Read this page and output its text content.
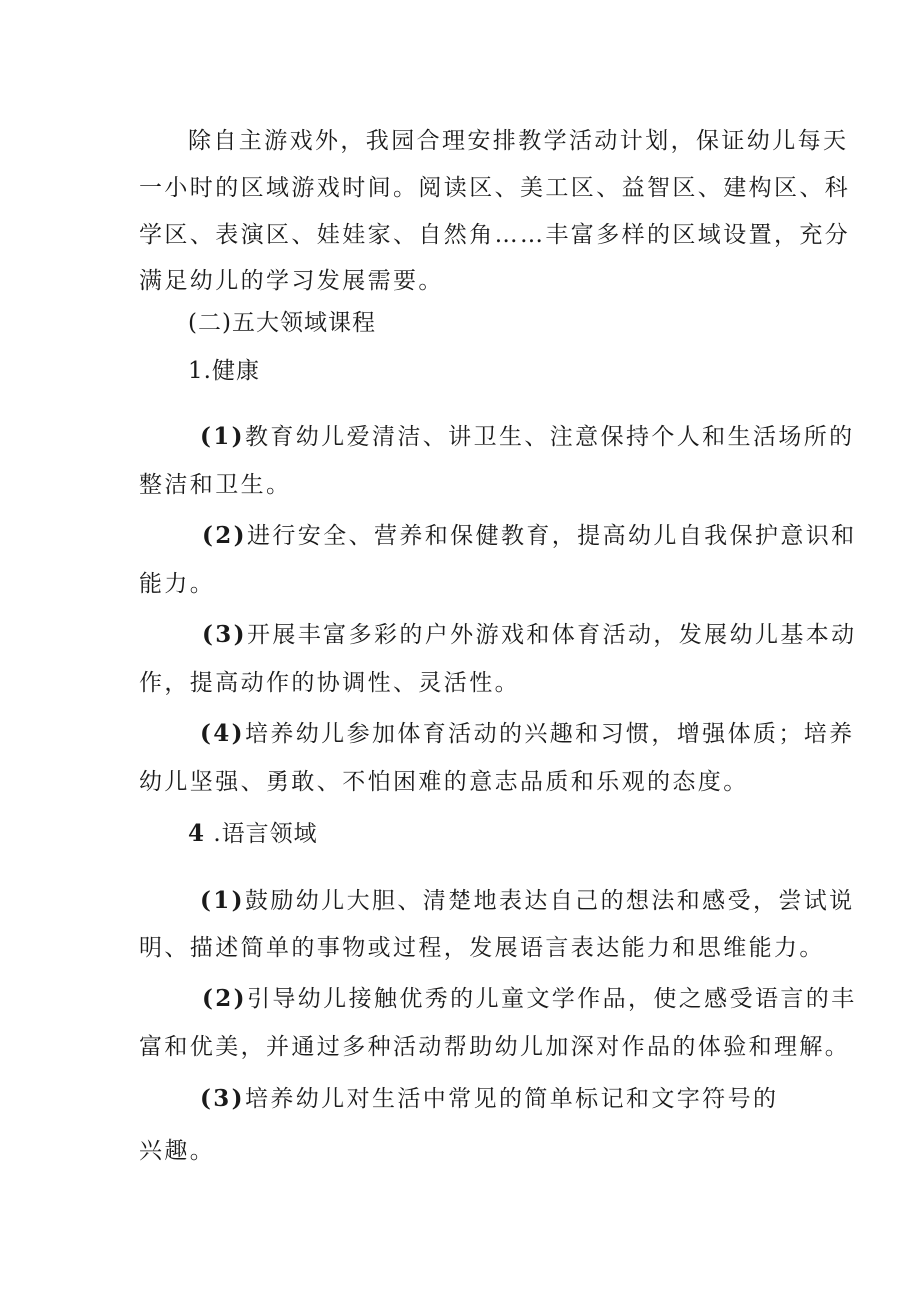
除自主游戏外，我园合理安排教学活动计划，保证幼儿每天
一小时的区域游戏时间。阅读区、美工区、益智区、建构区、科
学区、表演区、娃娃家、自然角……丰富多样的区域设置，充分
满足幼儿的学习发展需要。
(二)五大领域课程
1.健康
(1)教育幼儿爱清洁、讲卫生、注意保持个人和生活场所的
整洁和卫生。
(2)进行安全、营养和保健教育，提高幼儿自我保护意识和
能力。
(3)开展丰富多彩的户外游戏和体育活动，发展幼儿基本动
作，提高动作的协调性、灵活性。
(4)培养幼儿参加体育活动的兴趣和习惯，增强体质；培养
幼儿坚强、勇敢、不怕困难的意志品质和乐观的态度。
4 .语言领域
(1)鼓励幼儿大胆、清楚地表达自己的想法和感受，尝试说
明、描述简单的事物或过程，发展语言表达能力和思维能力。
(2)引导幼儿接触优秀的儿童文学作品，使之感受语言的丰
富和优美，并通过多种活动帮助幼儿加深对作品的体验和理解。
(3)培养幼儿对生活中常见的简单标记和文字符号的
兴趣。
